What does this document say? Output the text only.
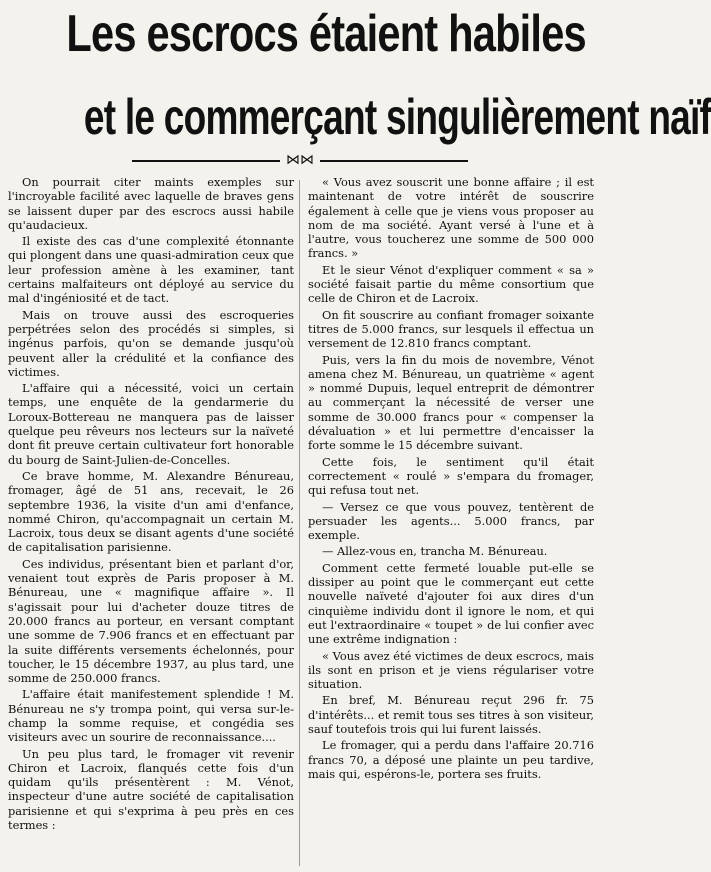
Les escrocs étaient habiles
et le commerçant singulièrement naïf
⋈⋈

On pourrait citer maints exemples sur l'incroyable facilité avec laquelle de braves gens se laissent duper par des escrocs aussi habile qu'audacieux.

Il existe des cas d'une complexité étonnante qui plongent dans une quasi-admiration ceux que leur profession amène à les examiner, tant certains malfaiteurs ont déployé au service du mal d'ingéniosité et de tact.

Mais on trouve aussi des escroqueries perpétrées selon des procédés si simples, si ingénus parfois, qu'on se demande jusqu'où peuvent aller la crédulité et la confiance des victimes.

L'affaire qui a nécessité, voici un certain temps, une enquête de la gendarmerie du Loroux-Bottereau ne manquera pas de laisser quelque peu rêveurs nos lecteurs sur la naïveté dont fit preuve certain cultivateur fort honorable du bourg de Saint-Julien-de-Concelles.

Ce brave homme, M. Alexandre Bénureau, fromager, âgé de 51 ans, recevait, le 26 septembre 1936, la visite d'un ami d'enfance, nommé Chiron, qu'accompagnait un certain M. Lacroix, tous deux se disant agents d'une société de capitalisation parisienne.

Ces individus, présentant bien et parlant d'or, venaient tout exprès de Paris proposer à M. Bénureau, une « magnifique affaire ». Il s'agissait pour lui d'acheter douze titres de 20.000 francs au porteur, en versant comptant une somme de 7.906 francs et en effectuant par la suite différents versements échelonnés, pour toucher, le 15 décembre 1937, au plus tard, une somme de 250.000 francs.

L'affaire était manifestement splendide ! M. Bénureau ne s'y trompa point, qui versa sur-le-champ la somme requise, et congédia ses visiteurs avec un sourire de reconnaissance....

Un peu plus tard, le fromager vit revenir Chiron et Lacroix, flanqués cette fois d'un quidam qu'ils présentèrent : M. Vénot, inspecteur d'une autre société de capitalisation parisienne et qui s'exprima à peu près en ces termes :

« Vous avez souscrit une bonne affaire ; il est maintenant de votre intérêt de souscrire également à celle que je viens vous proposer au nom de ma société. Ayant versé à l'une et à l'autre, vous toucherez une somme de 500 000 francs. »

Et le sieur Vénot d'expliquer comment « sa » société faisait partie du même consortium que celle de Chiron et de Lacroix.

On fit souscrire au confiant fromager soixante titres de 5.000 francs, sur lesquels il effectua un versement de 12.810 francs comptant.

Puis, vers la fin du mois de novembre, Vénot amena chez M. Bénureau, un quatrième « agent » nommé Dupuis, lequel entreprit de démontrer au commerçant la nécessité de verser une somme de 30.000 francs pour « compenser la dévaluation » et lui permettre d'encaisser la forte somme le 15 décembre suivant.

Cette fois, le sentiment qu'il était correctement « roulé » s'empara du fromager, qui refusa tout net.

— Versez ce que vous pouvez, tentèrent de persuader les agents... 5.000 francs, par exemple.

— Allez-vous en, trancha M. Bénureau.

Comment cette fermeté louable put-elle se dissiper au point que le commerçant eut cette nouvelle naïveté d'ajouter foi aux dires d'un cinquième individu dont il ignore le nom, et qui eut l'extraordinaire « toupet » de lui confier avec une extrême indignation :

« Vous avez été victimes de deux escrocs, mais ils sont en prison et je viens régulariser votre situation.

En bref, M. Bénureau reçut 296 fr. 75 d'intérêts... et remit tous ses titres à son visiteur, sauf toutefois trois qui lui furent laissés.

Le fromager, qui a perdu dans l'affaire 20.716 francs 70, a déposé une plainte un peu tardive, mais qui, espérons-le, portera ses fruits.
